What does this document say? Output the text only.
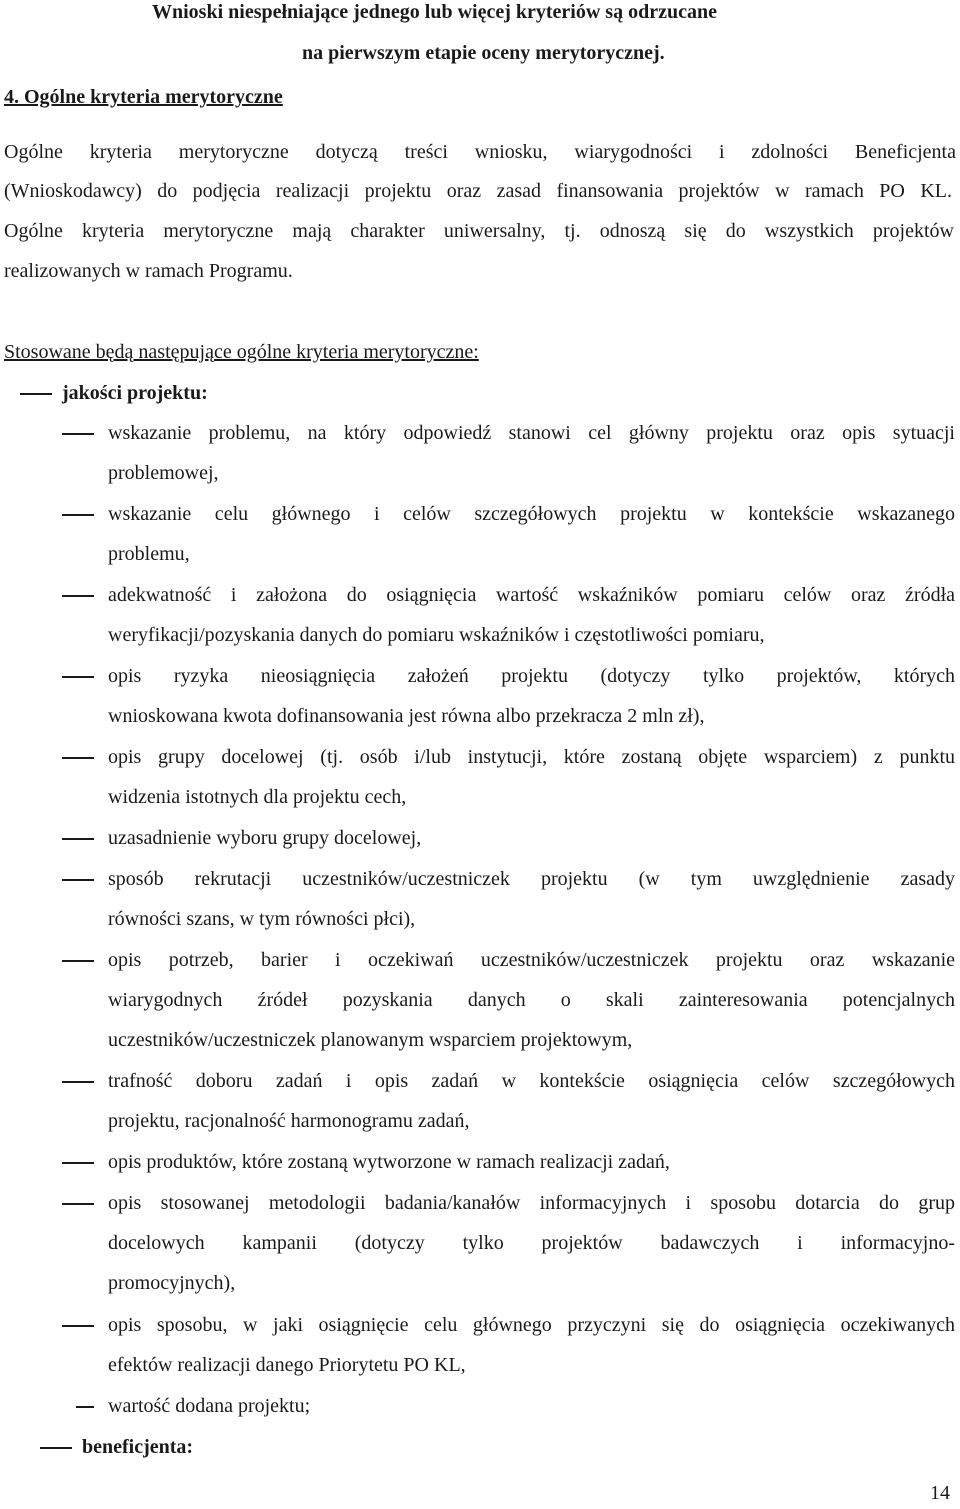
Wnioski niespełniające jednego lub więcej kryteriów są odrzucane
na pierwszym etapie oceny merytorycznej.
4. Ogólne kryteria merytoryczne
Ogólne kryteria merytoryczne dotyczą treści wniosku, wiarygodności i zdolności Beneficjenta
(Wnioskodawcy) do podjęcia realizacji projektu oraz zasad finansowania projektów w ramach PO KL.
Ogólne kryteria merytoryczne mają charakter uniwersalny, tj. odnoszą się do wszystkich projektów
realizowanych w ramach Programu.
Stosowane będą następujące ogólne kryteria merytoryczne:
jakości projektu:
wskazanie problemu, na który odpowiedź stanowi cel główny projektu oraz opis sytuacji
problemowej,
wskazanie celu głównego i celów szczegółowych projektu w kontekście wskazanego
problemu,
adekwatność i założona do osiągnięcia wartość wskaźników pomiaru celów oraz źródła
weryfikacji/pozyskania danych do pomiaru wskaźników i częstotliwości pomiaru,
opis ryzyka nieosiągnięcia założeń projektu (dotyczy tylko projektów, których
wnioskowana kwota dofinansowania jest równa albo przekracza 2 mln zł),
opis grupy docelowej (tj. osób i/lub instytucji, które zostaną objęte wsparciem) z punktu
widzenia istotnych dla projektu cech,
uzasadnienie wyboru grupy docelowej,
sposób rekrutacji uczestników/uczestniczek projektu (w tym uwzględnienie zasady
równości szans, w tym równości płci),
opis potrzeb, barier i oczekiwań uczestników/uczestniczek projektu oraz wskazanie
wiarygodnych źródeł pozyskania danych o skali zainteresowania potencjalnych
uczestników/uczestniczek planowanym wsparciem projektowym,
trafność doboru zadań i opis zadań w kontekście osiągnięcia celów szczegółowych
projektu, racjonalność harmonogramu zadań,
opis produktów, które zostaną wytworzone w ramach realizacji zadań,
opis stosowanej metodologii badania/kanałów informacyjnych i sposobu dotarcia do grup
docelowych kampanii (dotyczy tylko projektów badawczych i informacyjno-
promocyjnych),
opis sposobu, w jaki osiągnięcie celu głównego przyczyni się do osiągnięcia oczekiwanych
efektów realizacji danego Priorytetu PO KL,
wartość dodana projektu;
beneficjenta:
14
